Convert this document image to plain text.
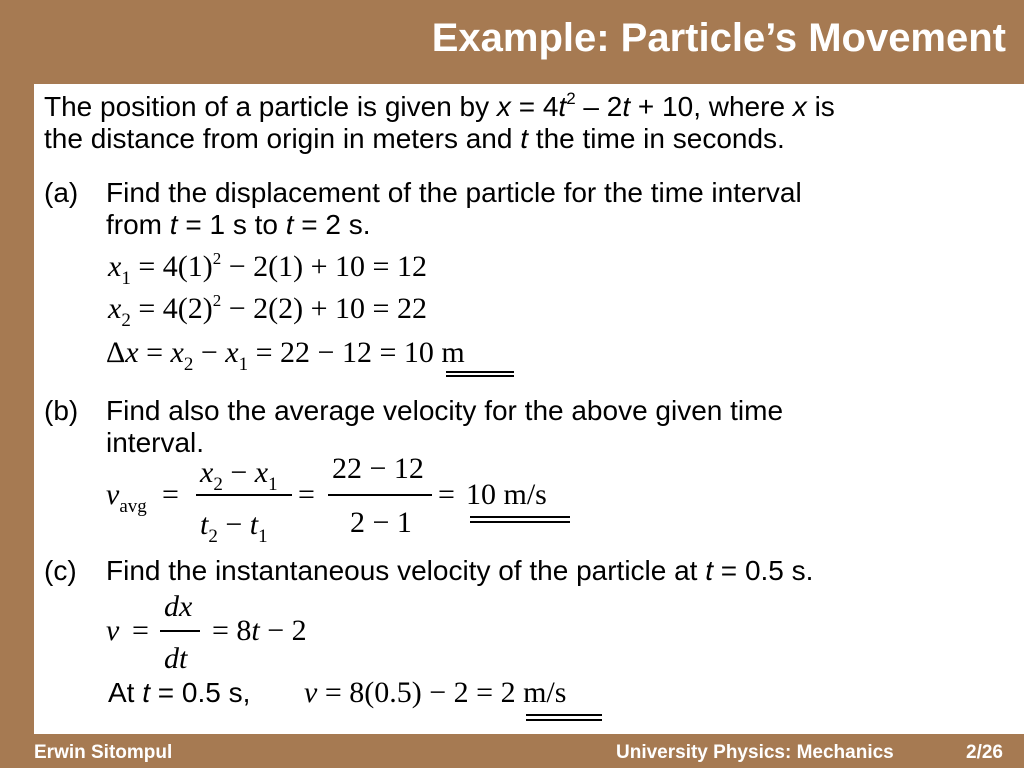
Example: Particle’s Movement
The position of a particle is given by $x = 4t^2 - 2t + 10$, where x is
the distance from origin in meters and t the time in seconds.
(a) Find the displacement of the particle for the time interval
from t = 1 s to t = 2 s.
$x_1 = 4(1)^2 - 2(1) + 10 = 12$
$x_2 = 4(2)^2 - 2(2) + 10 = 22$
$\Delta x = x_2 - x_1 = 22 - 12 = 10$ m
(b) Find also the average velocity for the above given time
interval.
$v_{avg}$ =
$x_2 - x_1$
$t_2 - t_1$
=
22 − 12
2 − 1
= 10 m/s
(c) Find the instantaneous velocity of the particle at t = 0.5 s.
v =
dx
dt
= 8t − 2
At t = 0.5 s, v = 8(0.5) − 2 = 2 m/s
Erwin Sitompul	University Physics: Mechanics	2/26
